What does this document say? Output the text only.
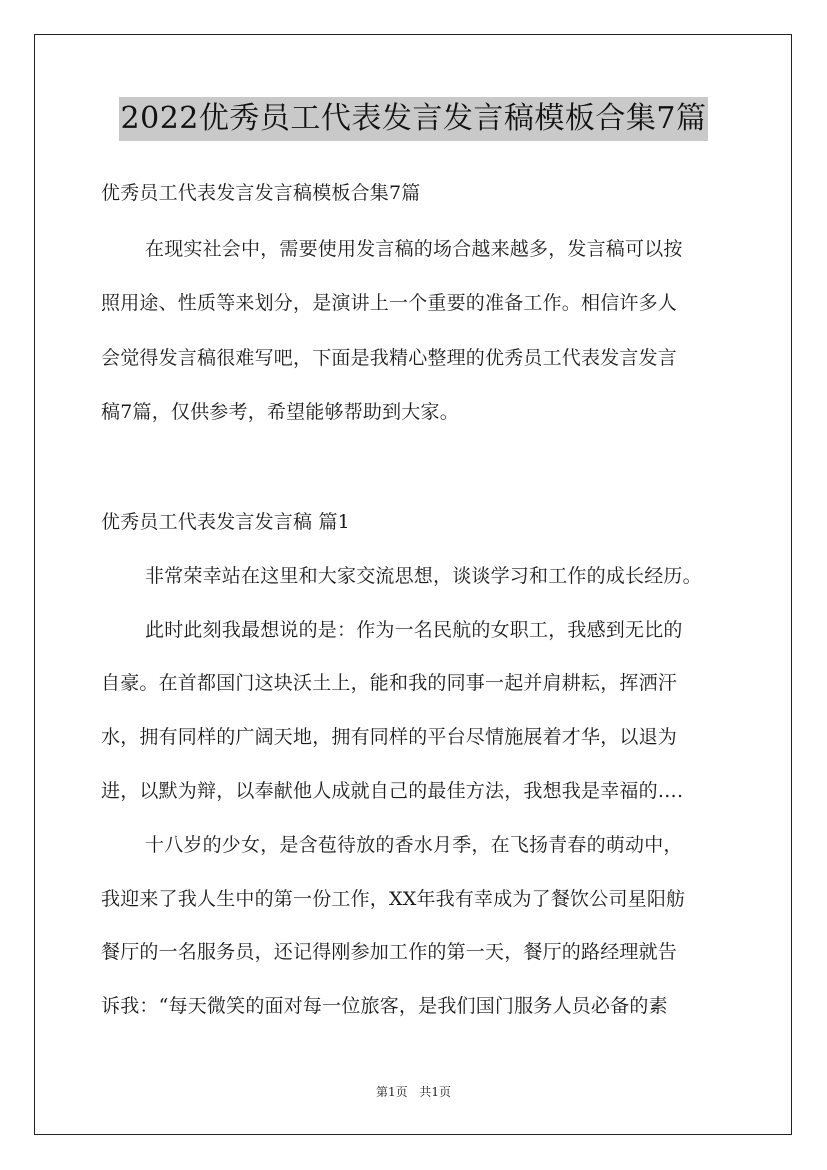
2022优秀员工代表发言发言稿模板合集7篇
优秀员工代表发言发言稿模板合集7篇
在现实社会中，需要使用发言稿的场合越来越多，发言稿可以按
照用途、性质等来划分，是演讲上一个重要的准备工作。相信许多人
会觉得发言稿很难写吧，下面是我精心整理的优秀员工代表发言发言
稿7篇，仅供参考，希望能够帮助到大家。
优秀员工代表发言发言稿 篇1
非常荣幸站在这里和大家交流思想，谈谈学习和工作的成长经历。
此时此刻我最想说的是：作为一名民航的女职工，我感到无比的
自豪。在首都国门这块沃土上，能和我的同事一起并肩耕耘，挥洒汗
水，拥有同样的广阔天地，拥有同样的平台尽情施展着才华，以退为
进，以默为辩，以奉献他人成就自己的最佳方法，我想我是幸福的….
十八岁的少女，是含苞待放的香水月季，在飞扬青春的萌动中，
我迎来了我人生中的第一份工作，XX年我有幸成为了餐饮公司星阳舫
餐厅的一名服务员，还记得刚参加工作的第一天，餐厅的路经理就告
诉我：“每天微笑的面对每一位旅客，是我们国门服务人员必备的素
第1页 共1页
